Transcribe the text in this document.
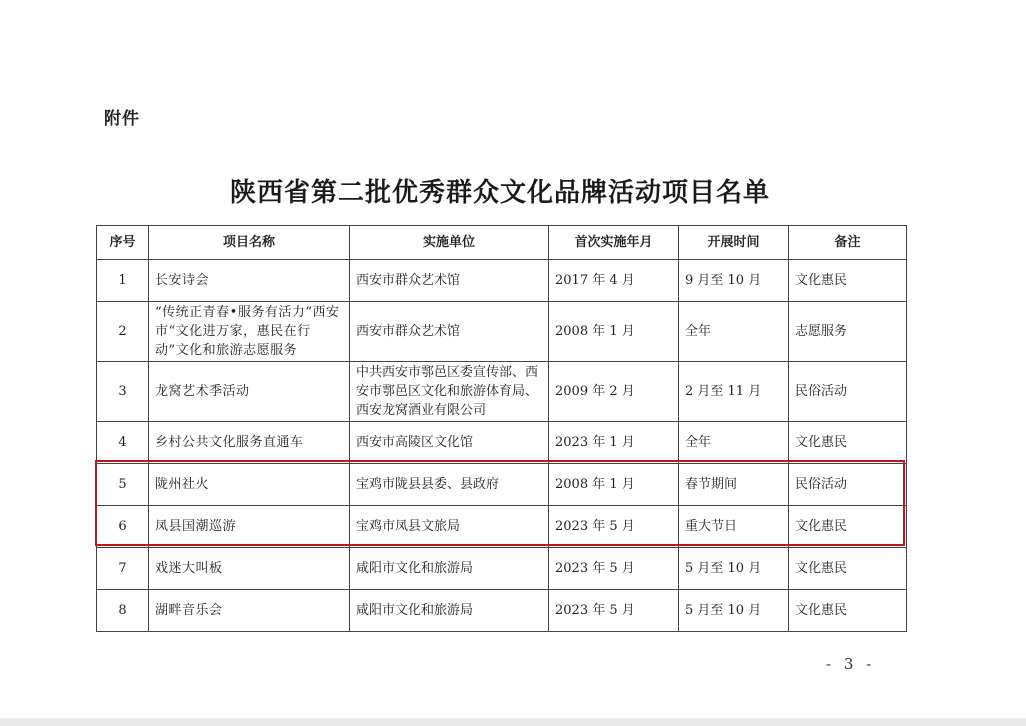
附件
陕西省第二批优秀群众文化品牌活动项目名单
序号	项目名称	实施单位	首次实施年月	开展时间	备注
1	长安诗会	西安市群众艺术馆	2017 年 4 月	9 月至 10 月	文化惠民
2	“传统正青春•服务有活力”西安市“文化进万家，惠民在行动”文化和旅游志愿服务	西安市群众艺术馆	2008 年 1 月	全年	志愿服务
3	龙窝艺术季活动	中共西安市鄠邑区委宣传部、西安市鄠邑区文化和旅游体育局、西安龙窝酒业有限公司	2009 年 2 月	2 月至 11 月	民俗活动
4	乡村公共文化服务直通车	西安市高陵区文化馆	2023 年 1 月	全年	文化惠民
5	陇州社火	宝鸡市陇县县委、县政府	2008 年 1 月	春节期间	民俗活动
6	凤县国潮巡游	宝鸡市凤县文旅局	2023 年 5 月	重大节日	文化惠民
7	戏迷大叫板	咸阳市文化和旅游局	2023 年 5 月	5 月至 10 月	文化惠民
8	湖畔音乐会	咸阳市文化和旅游局	2023 年 5 月	5 月至 10 月	文化惠民
- 3 -
